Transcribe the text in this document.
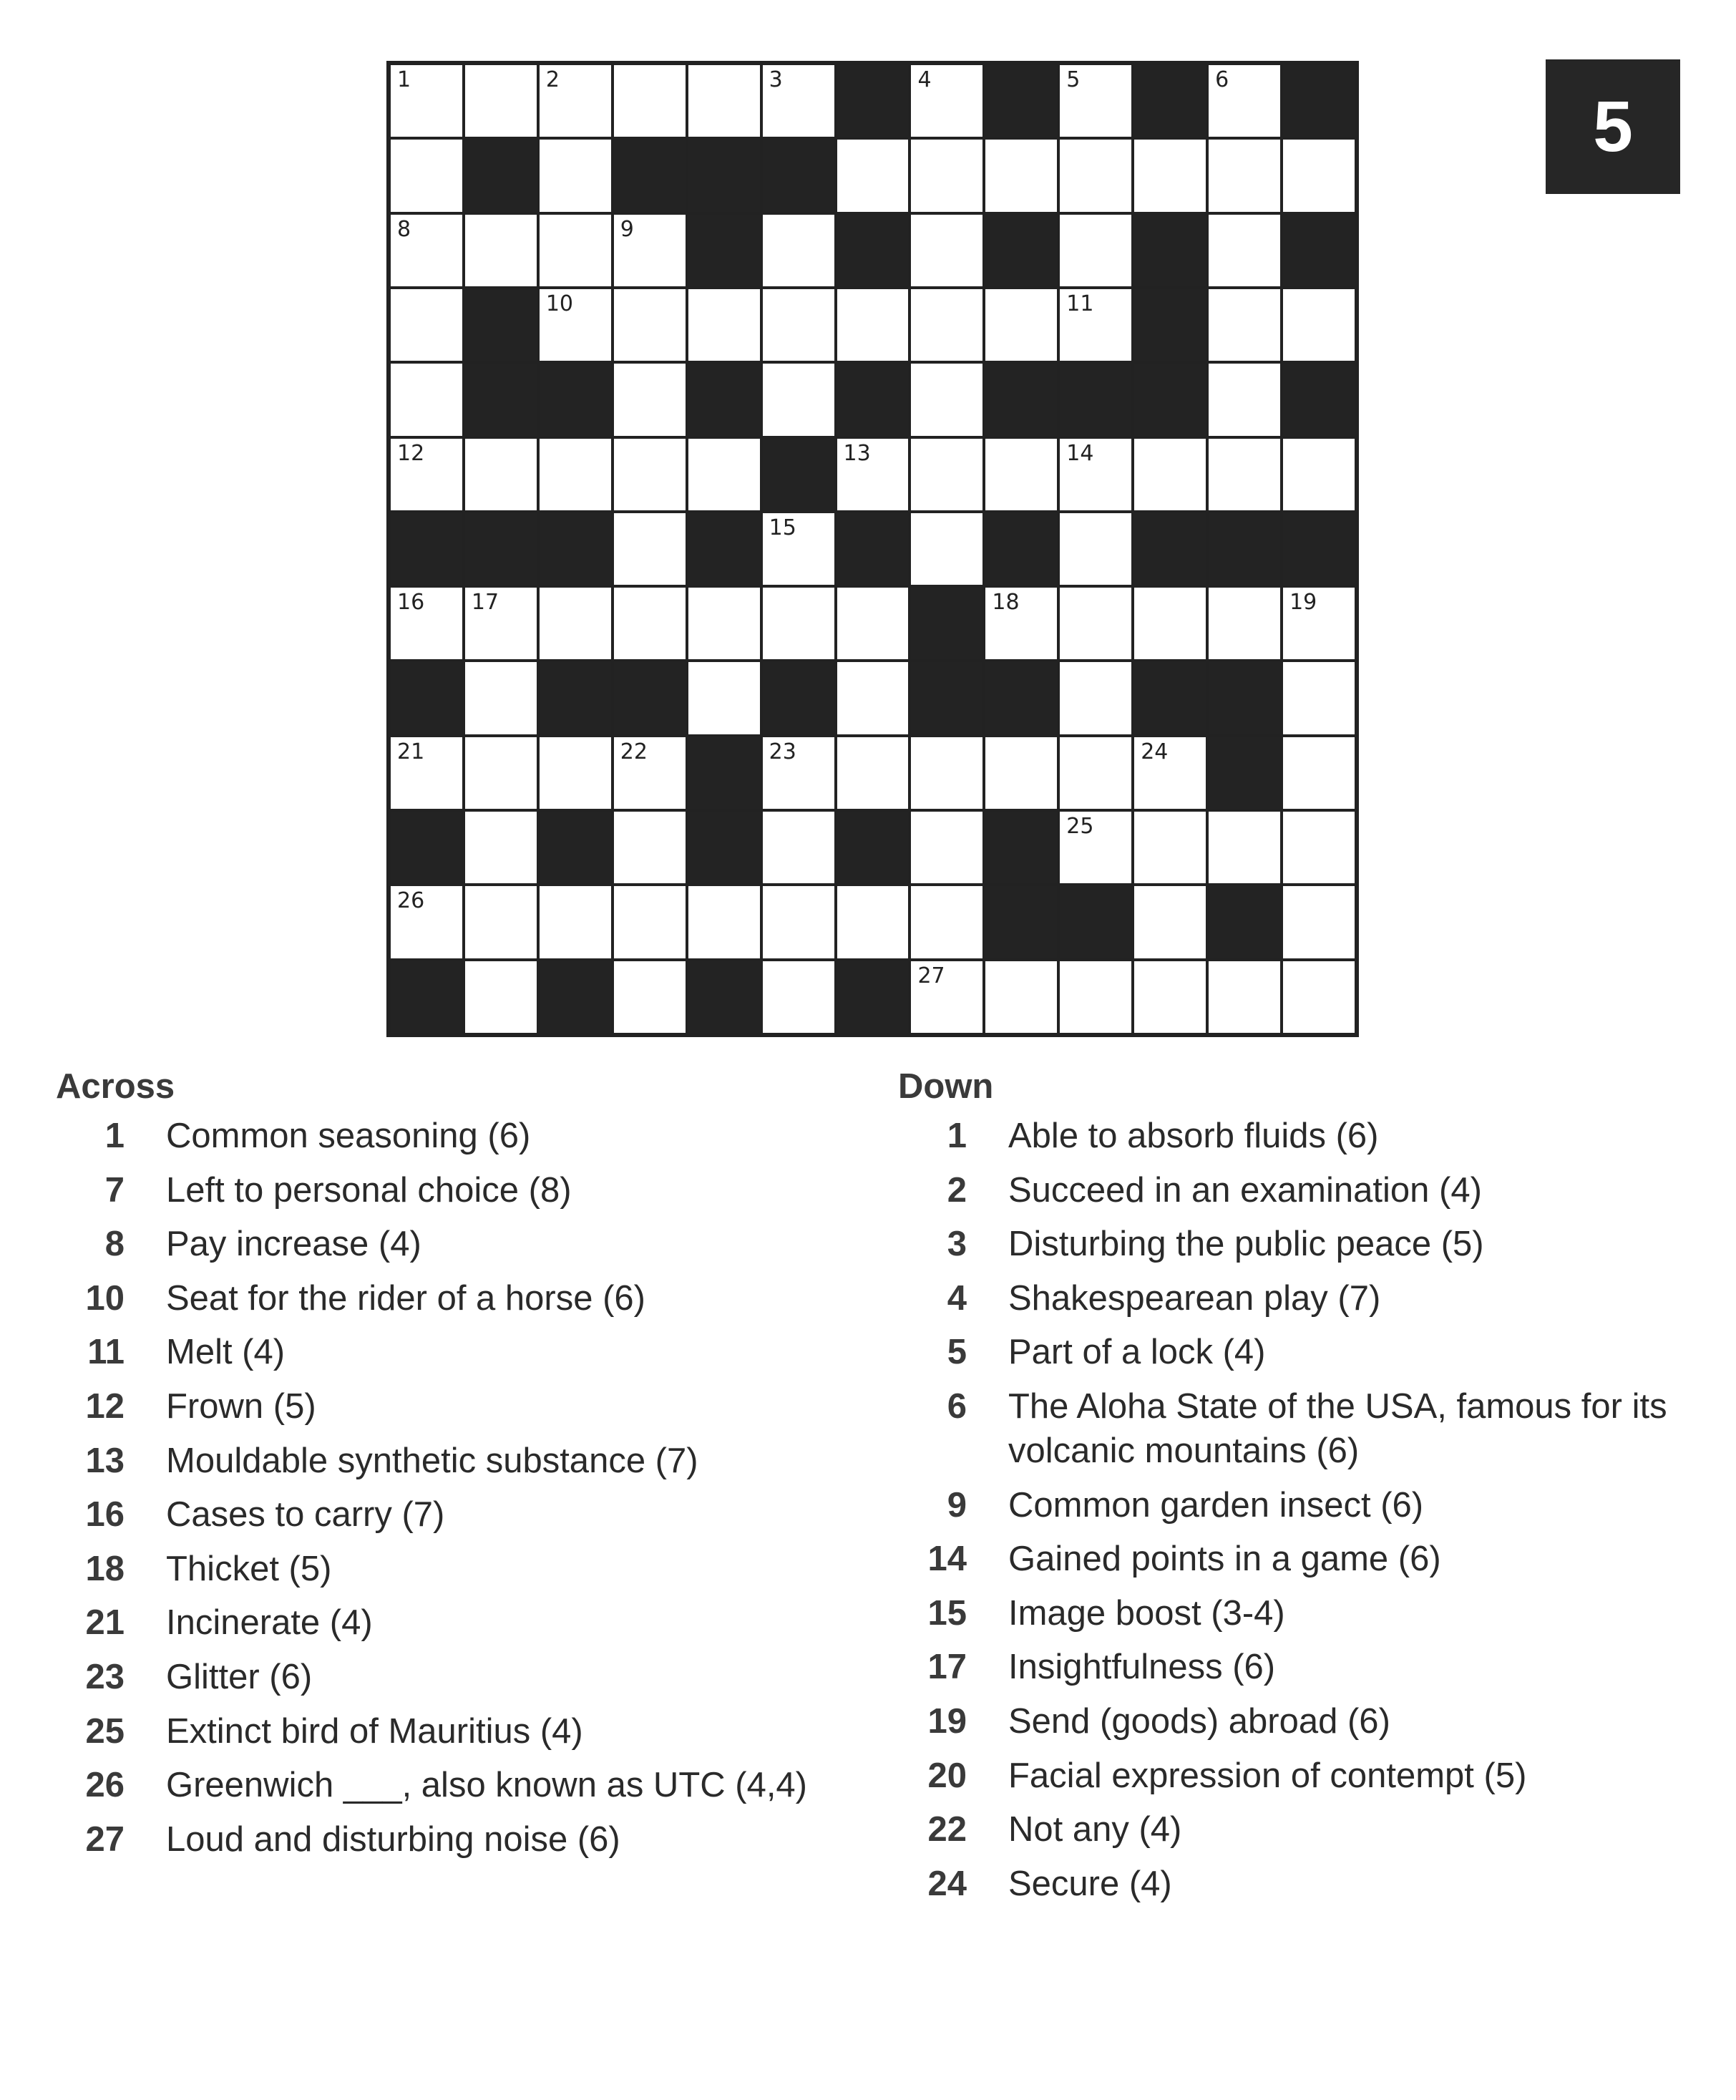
5
1	2	3	4	5	6
8	9
10	11
12	13	14
15
16 17	18	19
21	22	23	24
25
26
27
Across
1	Common seasoning (6)
7	Left to personal choice (8)
8	Pay increase (4)
10	Seat for the rider of a horse (6)
11	Melt (4)
12	Frown (5)
13	Mouldable synthetic substance (7)
16	Cases to carry (7)
18	Thicket (5)
21	Incinerate (4)
23	Glitter (6)
25	Extinct bird of Mauritius (4)
26	Greenwich ___, also known as UTC (4,4)
27	Loud and disturbing noise (6)
Down
1	Able to absorb fluids (6)
2	Succeed in an examination (4)
3	Disturbing the public peace (5)
4	Shakespearean play (7)
5	Part of a lock (4)
6	The Aloha State of the USA, famous for its volcanic mountains (6)
9	Common garden insect (6)
14	Gained points in a game (6)
15	Image boost (3-4)
17	Insightfulness (6)
19	Send (goods) abroad (6)
20	Facial expression of contempt (5)
22	Not any (4)
24	Secure (4)
